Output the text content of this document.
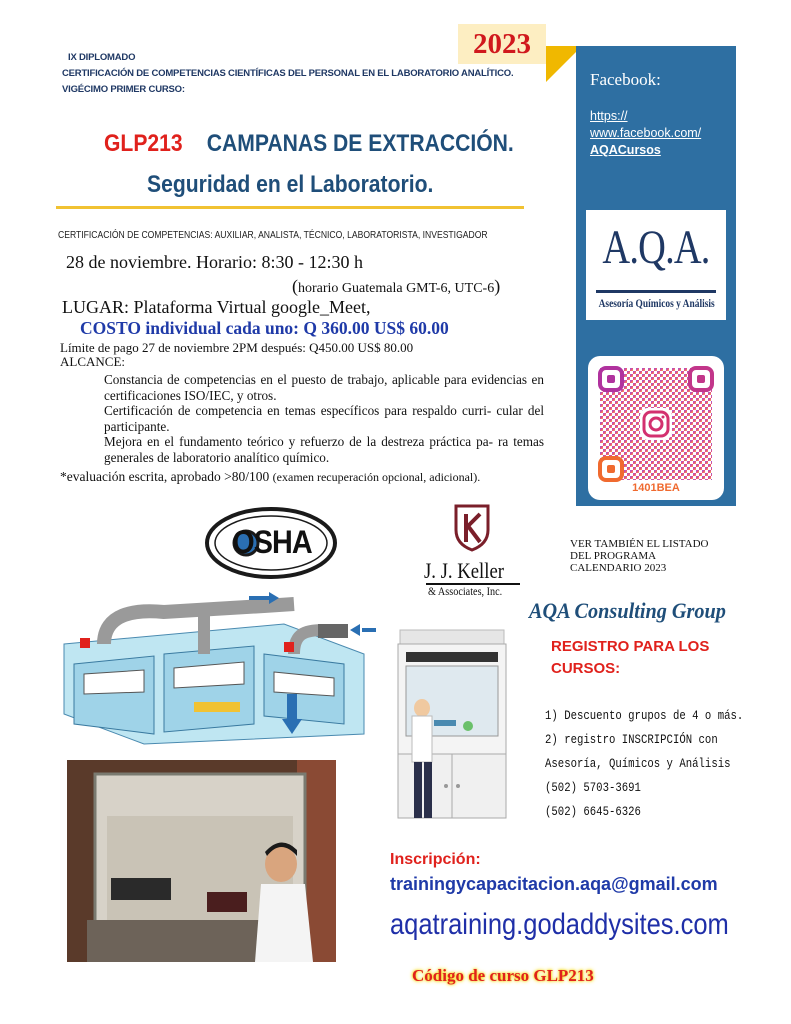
IX DIPLOMADO
CERTIFICACIÓN DE COMPETENCIAS CIENTÍFICAS DEL PERSONAL EN EL LABORATORIO ANALÍTICO.
VIGÉCIMO PRIMER CURSO:
2023
Facebook:
https://
www.facebook.com/
AQACursos
A.Q.A.
Asesoría Químicos y Análisis
1401BEA
GLP213 CAMPANAS DE EXTRACCIÓN.
Seguridad en el Laboratorio.
CERTIFICACIÓN DE COMPETENCIAS: AUXILIAR, ANALISTA, TÉCNICO, LABORATORISTA, INVESTIGADOR
28 de noviembre. Horario: 8:30 - 12:30 h
(horario Guatemala GMT-6, UTC-6)
LUGAR: Plataforma Virtual google_Meet,
COSTO individual cada uno: Q 360.00 US$ 60.00
Límite de pago 27 de noviembre 2PM después: Q450.00 US$ 80.00
ALCANCE:
Constancia de competencias en el puesto de trabajo, aplicable para evidencias en certificaciones ISO/IEC, y otros.
Certificación de competencia en temas específicos para respaldo curri- cular del participante.
Mejora en el fundamento teórico y refuerzo de la destreza práctica pa- ra temas generales de laboratorio analítico químico.
*evaluación escrita, aprobado >80/100 (examen recuperación opcional, adicional).
OSHA
J. J. Keller
& Associates, Inc.
VER TAMBIÉN EL LISTADO
DEL PROGRAMA
CALENDARIO 2023
AQA Consulting Group
REGISTRO PARA LOS
CURSOS:
1) Descuento grupos de 4 o más.
2) registro INSCRIPCIÓN con
Asesoría, Químicos y Análisis
(502) 5703-3691
(502) 6645-6326
Inscripción:
trainingycapacitacion.aqa@gmail.com
aqatraining.godaddysites.com
Código de curso GLP213
